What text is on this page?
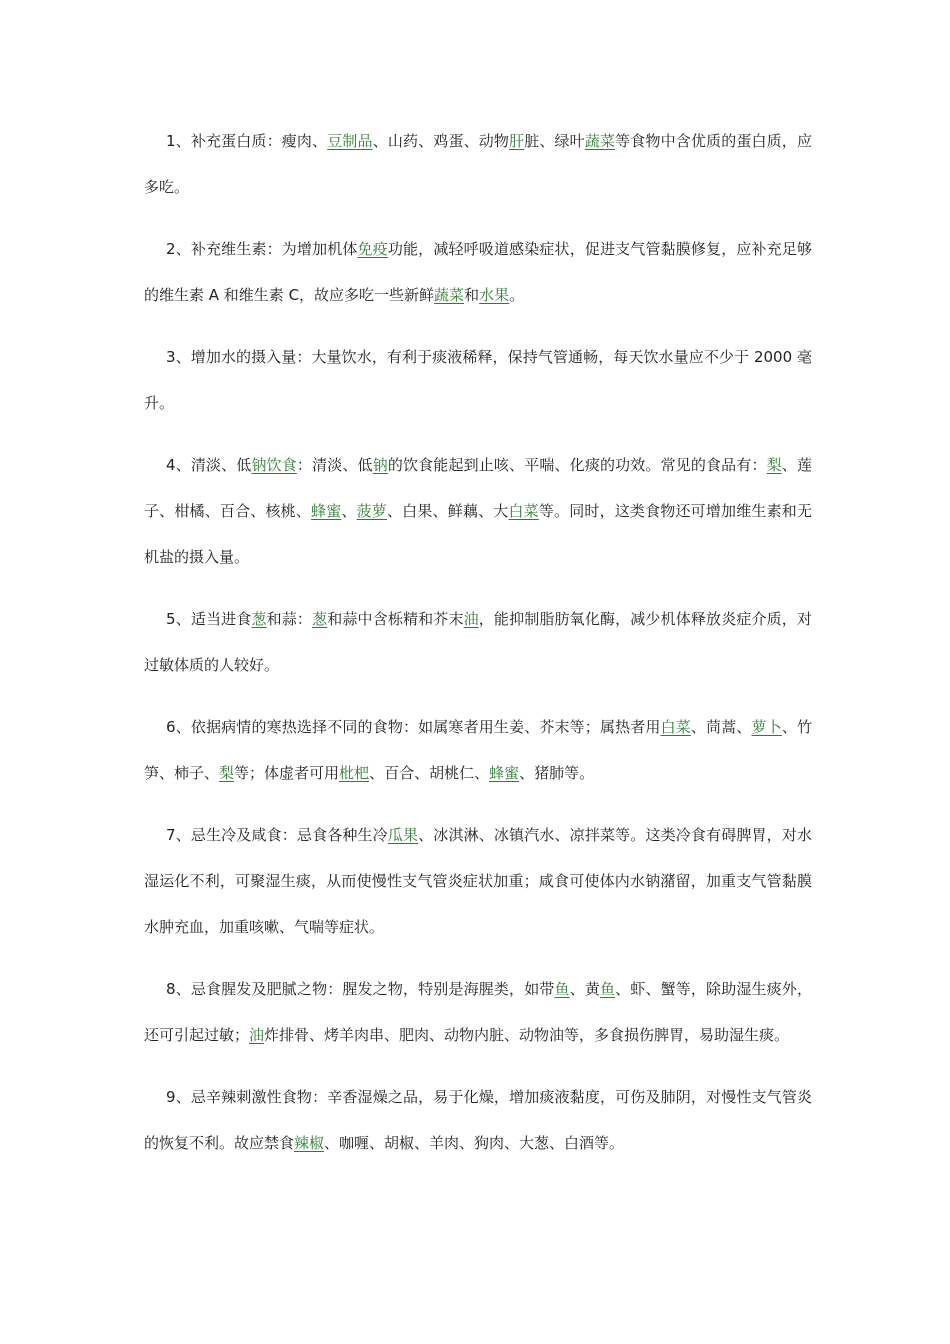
1、补充蛋白质：瘦肉、豆制品、山药、鸡蛋、动物肝脏、绿叶蔬菜等食物中含优质的蛋白质，应多吃。

2、补充维生素：为增加机体免疫功能，减轻呼吸道感染症状，促进支气管黏膜修复，应补充足够的维生素 A 和维生素 C，故应多吃一些新鲜蔬菜和水果。

3、增加水的摄入量：大量饮水，有利于痰液稀释，保持气管通畅，每天饮水量应不少于 2000 毫升。

4、清淡、低钠饮食：清淡、低钠的饮食能起到止咳、平喘、化痰的功效。常见的食品有：梨、莲子、柑橘、百合、核桃、蜂蜜、菠萝、白果、鲜藕、大白菜等。同时，这类食物还可增加维生素和无机盐的摄入量。

5、适当进食葱和蒜：葱和蒜中含栎精和芥末油，能抑制脂肪氧化酶，减少机体释放炎症介质，对过敏体质的人较好。

6、依据病情的寒热选择不同的食物：如属寒者用生姜、芥末等；属热者用白菜、茼蒿、萝卜、竹笋、柿子、梨等；体虚者可用枇杷、百合、胡桃仁、蜂蜜、猪肺等。

7、忌生冷及咸食：忌食各种生冷瓜果、冰淇淋、冰镇汽水、凉拌菜等。这类冷食有碍脾胃，对水湿运化不利，可聚湿生痰，从而使慢性支气管炎症状加重；咸食可使体内水钠潴留，加重支气管黏膜水肿充血，加重咳嗽、气喘等症状。

8、忌食腥发及肥腻之物：腥发之物，特别是海腥类，如带鱼、黄鱼、虾、蟹等，除助湿生痰外，还可引起过敏；油炸排骨、烤羊肉串、肥肉、动物内脏、动物油等，多食损伤脾胃，易助湿生痰。

9、忌辛辣刺激性食物：辛香湿燥之品，易于化燥，增加痰液黏度，可伤及肺阴，对慢性支气管炎的恢复不利。故应禁食辣椒、咖喱、胡椒、羊肉、狗肉、大葱、白酒等。
